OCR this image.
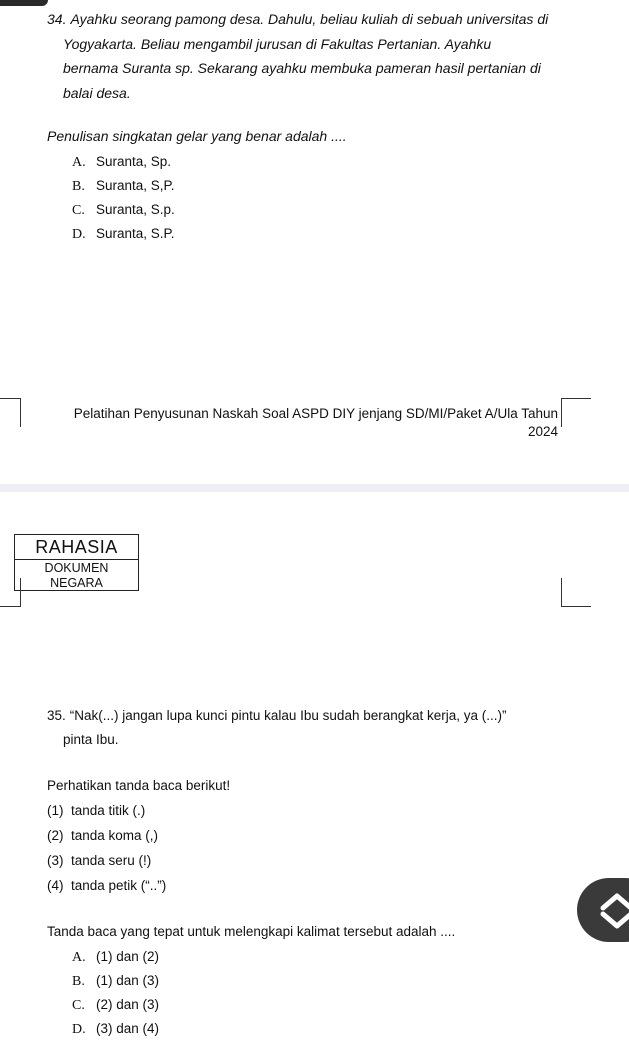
34. Ayahku seorang pamong desa. Dahulu, beliau kuliah di sebuah universitas di
Yogyakarta. Beliau mengambil jurusan di Fakultas Pertanian. Ayahku
bernama Suranta sp. Sekarang ayahku membuka pameran hasil pertanian di
balai desa.
Penulisan singkatan gelar yang benar adalah ....
A. Suranta, Sp.
B. Suranta, S,P.
C. Suranta, S.p.
D. Suranta, S.P.
Pelatihan Penyusunan Naskah Soal ASPD DIY jenjang SD/MI/Paket A/Ula Tahun
2024
RAHASIA
DOKUMEN
NEGARA
35. “Nak(...) jangan lupa kunci pintu kalau Ibu sudah berangkat kerja, ya (...)”
pinta Ibu.
Perhatikan tanda baca berikut!
(1) tanda titik (.)
(2) tanda koma (,)
(3) tanda seru (!)
(4) tanda petik (“..”)
Tanda baca yang tepat untuk melengkapi kalimat tersebut adalah ....
A. (1) dan (2)
B. (1) dan (3)
C. (2) dan (3)
D. (3) dan (4)
